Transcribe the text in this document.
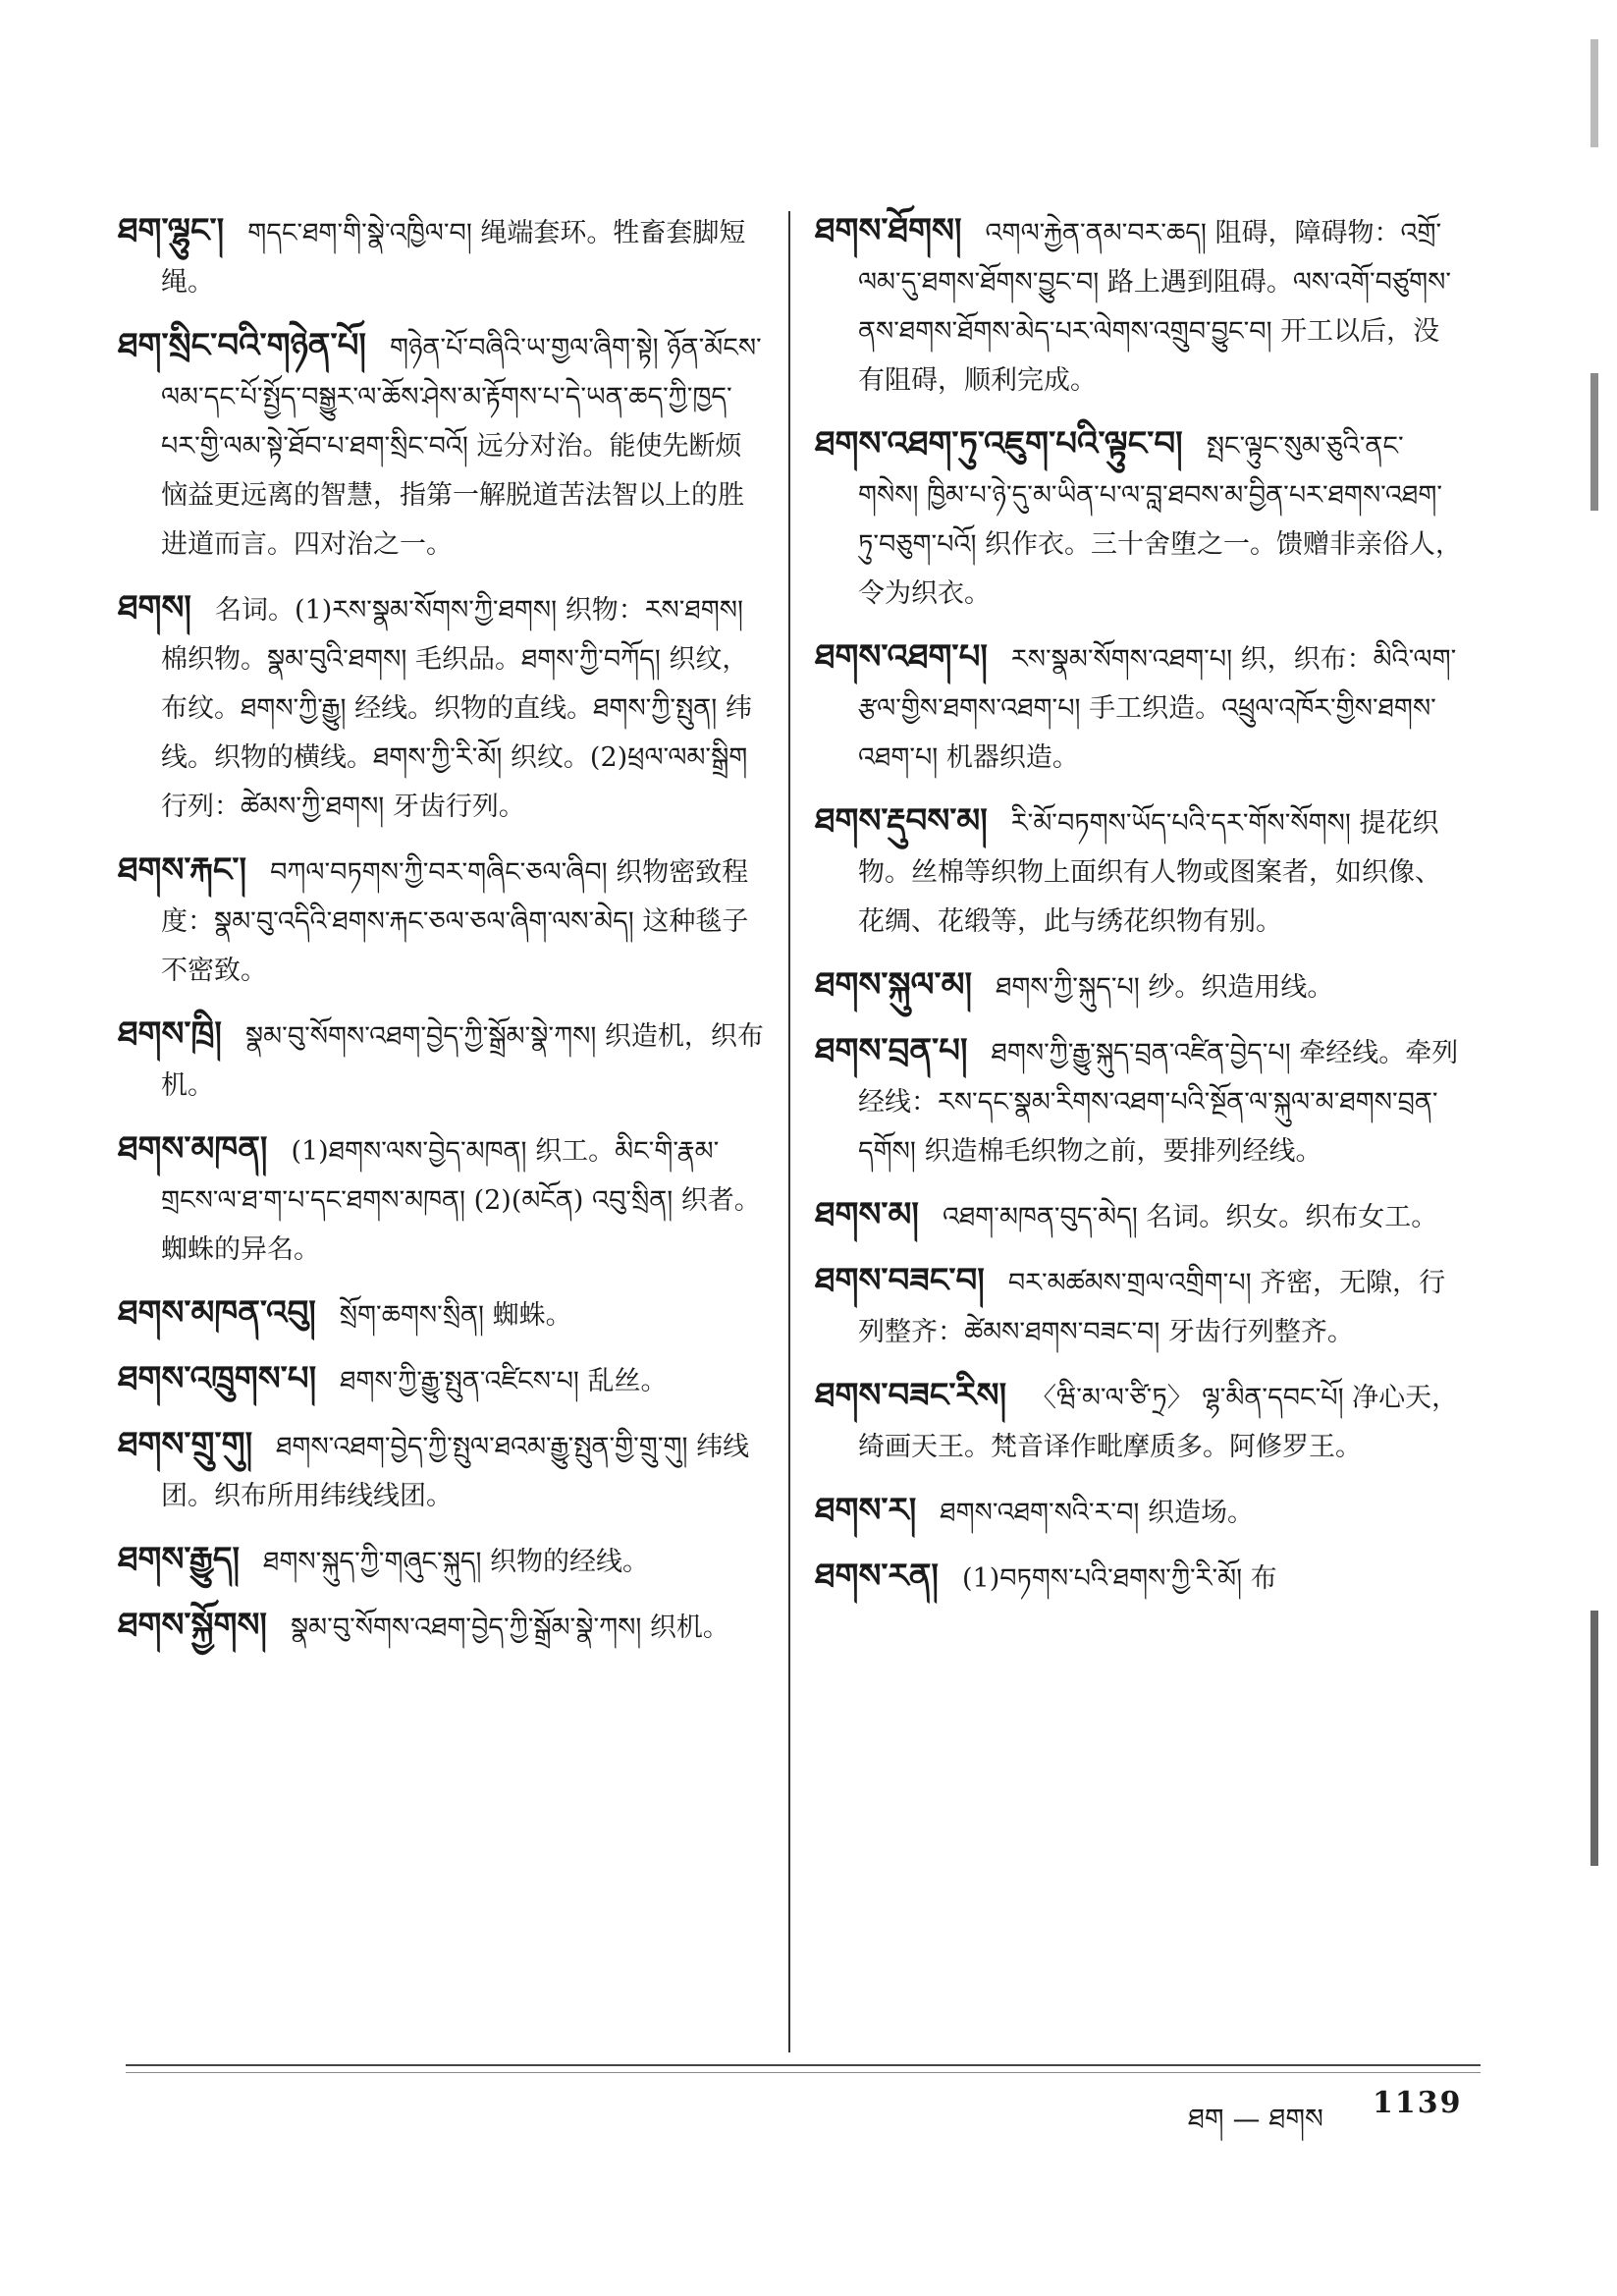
ཐག་ལྷུང་། གདང་ཐག་གི་སྣེ་འཁྱིལ་བ། 绳端套环。牲畜套脚短绳。

ཐག་སྲིང་བའི་གཉེན་པོ། གཉེན་པོ་བཞིའི་ཡ་གྱལ་ཞིག་སྟེ། ཉོན་མོངས་ལམ་དང་པོ་སྤྱོད་བསྒྱུར་ལ་ཆོས་ཤེས་མ་རྟོགས་པ་དེ་ཡན་ཆད་ཀྱི་ཁྱད་པར་གྱི་ལམ་སྟེ་ཐོབ་པ་ཐག་སྲིང་བའོ། 远分对治。能使先断烦恼益更远离的智慧，指第一解脱道苦法智以上的胜进道而言。四对治之一。

ཐགས། 名词。(1)རས་སྣམ་སོགས་ཀྱི་ཐགས། 织物：རས་ཐགས། 棉织物。སྣམ་བུའི་ཐགས། 毛织品。ཐགས་ཀྱི་བཀོད། 织纹，布纹。ཐགས་ཀྱི་རྒྱུ། 经线。织物的直线。ཐགས་ཀྱི་སྤུན། 纬线。织物的横线。ཐགས་ཀྱི་རི་མོ། 织纹。(2)ཕྲལ་ལམ་སྒྲིག 行列：ཚེམས་ཀྱི་ཐགས། 牙齿行列。

ཐགས་རྐང་། བཀལ་བཏགས་ཀྱི་བར་གཞིང་ཅལ་ཞིབ། 织物密致程度：སྣམ་བུ་འདིའི་ཐགས་རྐང་ཅལ་ཅལ་ཞིག་ལས་མེད། 这种毯子不密致。

ཐགས་ཁྲི། སྣམ་བུ་སོགས་འཐག་བྱེད་ཀྱི་སྒྲོམ་སྣེ་ཀས། 织造机，织布机。

ཐགས་མཁན། (1)ཐགས་ལས་བྱེད་མཁན། 织工。མིང་གི་རྣམ་གྲངས་ལ་ཐ་ག་པ་དང་ཐགས་མཁན། (2)(མངོན) འབུ་སྲིན། 织者。蜘蛛的异名。

ཐགས་མཁན་འབུ། སྲོག་ཆགས་སྲིན། 蜘蛛。

ཐགས་འཁྲུགས་པ། ཐགས་ཀྱི་རྒྱུ་སྤུན་འཛིངས་པ། 乱丝。

ཐགས་གྲུ་གུ། ཐགས་འཐག་བྱེད་ཀྱི་སྤུལ་ཐའམ་རྒྱུ་སྤུན་གྱི་གྲུ་གུ། 纬线团。织布所用纬线线团。

ཐགས་རྒྱུད། ཐགས་སྐུད་ཀྱི་གཞུང་སྐུད། 织物的经线。

ཐགས་སྐྱོགས། སྣམ་བུ་སོགས་འཐག་བྱེད་ཀྱི་སྒྲོམ་སྣེ་ཀས། 织机。

ཐགས་ཐོགས། འགལ་རྐྱེན་ནམ་བར་ཆད། 阻碍，障碍物：འགྲོ་ལམ་དུ་ཐགས་ཐོགས་བྱུང་བ། 路上遇到阻碍。ལས་འགོ་བཙུགས་ནས་ཐགས་ཐོགས་མེད་པར་ལེགས་འགྲུབ་བྱུང་བ། 开工以后，没有阻碍，顺利完成。

ཐགས་འཐག་ཏུ་འཇུག་པའི་ལྟུང་བ། སྤང་ལྟུང་སུམ་ཅུའི་ནང་གསེས། ཁྱིམ་པ་ཉེ་དུ་མ་ཡིན་པ་ལ་བླ་ཐབས་མ་བྱིན་པར་ཐགས་འཐག་ཏུ་བཅུག་པའོ། 织作衣。三十舍堕之一。馈赠非亲俗人，令为织衣。

ཐགས་འཐག་པ། རས་སྣམ་སོགས་འཐག་པ། 织，织布：མིའི་ལག་རྩལ་གྱིས་ཐགས་འཐག་པ། 手工织造。འཕྲུལ་འཁོར་གྱིས་ཐགས་འཐག་པ། 机器织造。

ཐགས་རྡུབས་མ། རི་མོ་བཏགས་ཡོད་པའི་དར་གོས་སོགས། 提花织物。丝棉等织物上面织有人物或图案者，如织像、花绸、花缎等，此与绣花织物有别。

ཐགས་སྐུལ་མ། ཐགས་ཀྱི་སྐུད་པ། 纱。织造用线。

ཐགས་བྲན་པ། ཐགས་ཀྱི་རྒྱུ་སྐུད་བྲན་འཛིན་བྱེད་པ། 牵经线。牵列经线：རས་དང་སྣམ་རིགས་འཐག་པའི་སྔོན་ལ་སྐུལ་མ་ཐགས་བྲན་དགོས། 织造棉毛织物之前，要排列经线。

ཐགས་མ། འཐག་མཁན་བུད་མེད། 名词。织女。织布女工。

ཐགས་བཟང་བ། བར་མཚམས་གྲལ་འགྲིག་པ། 齐密，无隙，行列整齐：ཚེམས་ཐགས་བཟང་བ། 牙齿行列整齐。

ཐགས་བཟང་རིས། 〈ཝི་མ་ལ་ཙི་ཏྲ〉 ལྷ་མིན་དབང་པོ། 净心天，绮画天王。梵音译作毗摩质多。阿修罗王。

ཐགས་ར། ཐགས་འཐག་སའི་ར་བ། 织造场。

ཐགས་རན། (1)བཏགས་པའི་ཐགས་ཀྱི་རི་མོ། 布

ཐག — ཐགས 1139
